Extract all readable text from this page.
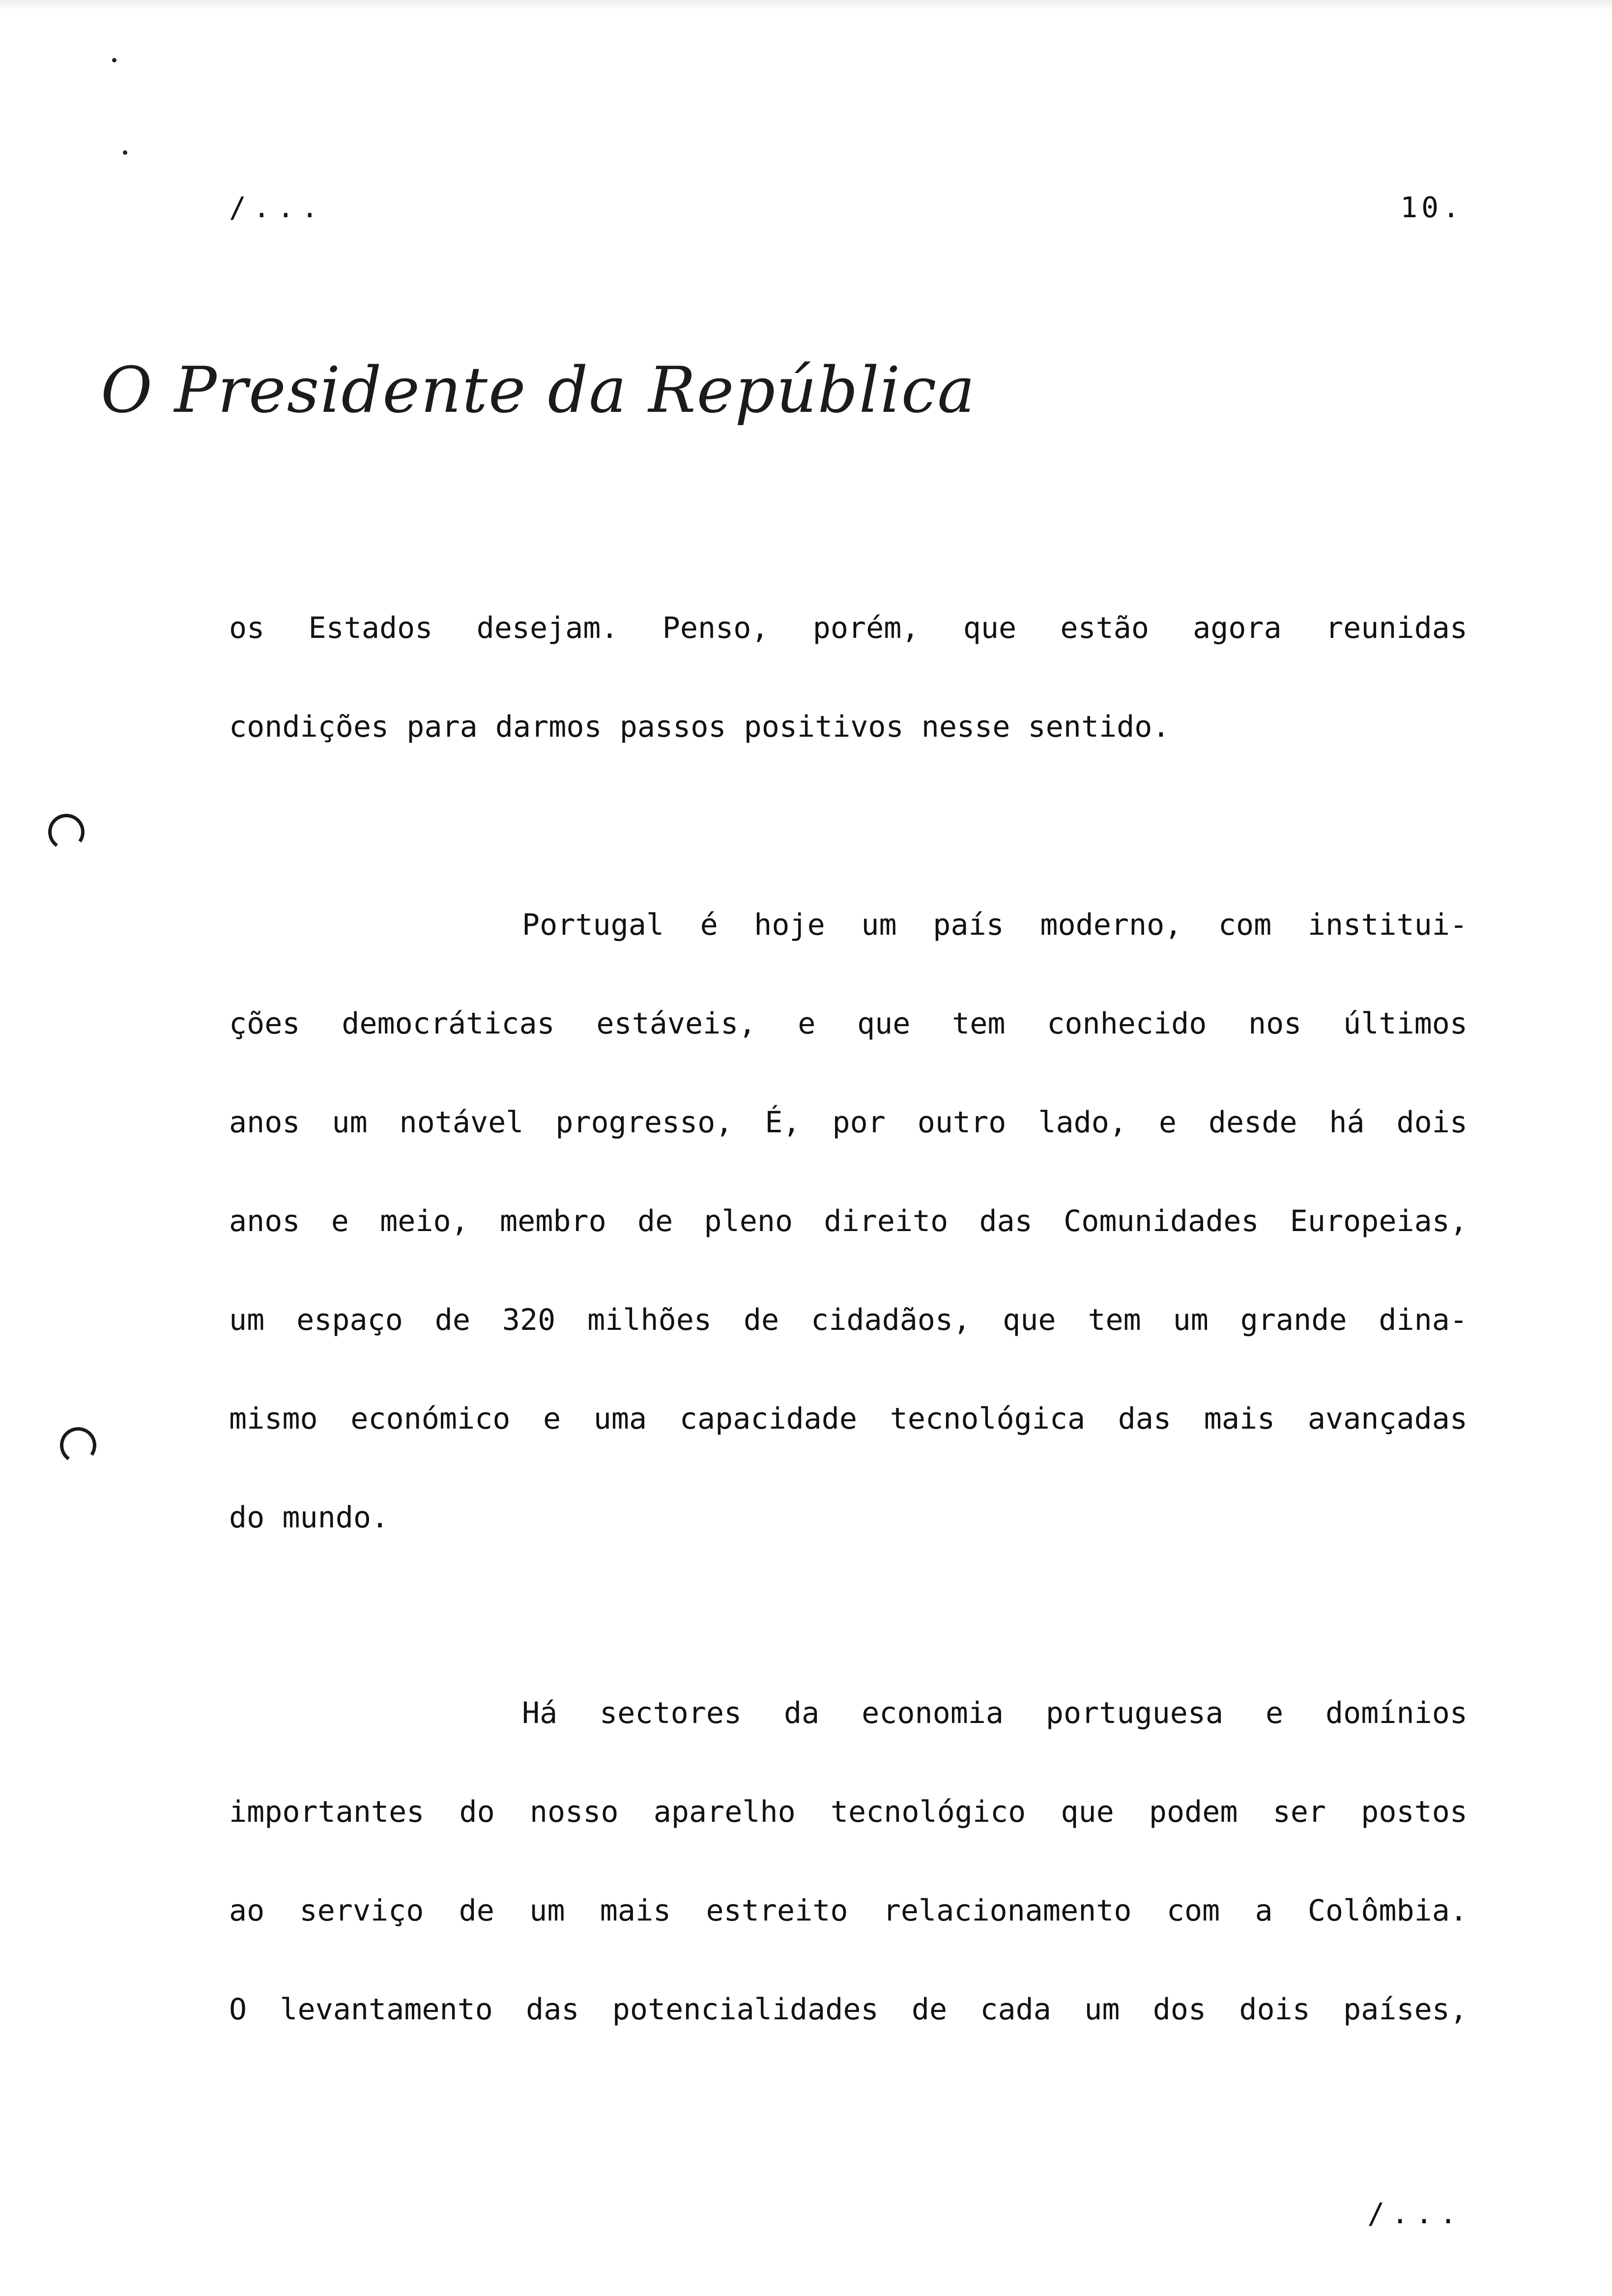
/...	10.
O Presidente da República
os Estados desejam. Penso, porém, que estão agora reunidas
condições para darmos passos positivos nesse sentido.
Portugal é hoje um país moderno, com institui-
ções democráticas estáveis, e que tem conhecido nos últimos
anos um notável progresso, É, por outro lado, e desde há dois
anos e meio, membro de pleno direito das Comunidades Europeias,
um espaço de 320 milhões de cidadãos, que tem um grande dina-
mismo económico e uma capacidade tecnológica das mais avançadas
do mundo.
Há sectores da economia portuguesa e domínios
importantes do nosso aparelho tecnológico que podem ser postos
ao serviço de um mais estreito relacionamento com a Colômbia.
O levantamento das potencialidades de cada um dos dois países,
/...
